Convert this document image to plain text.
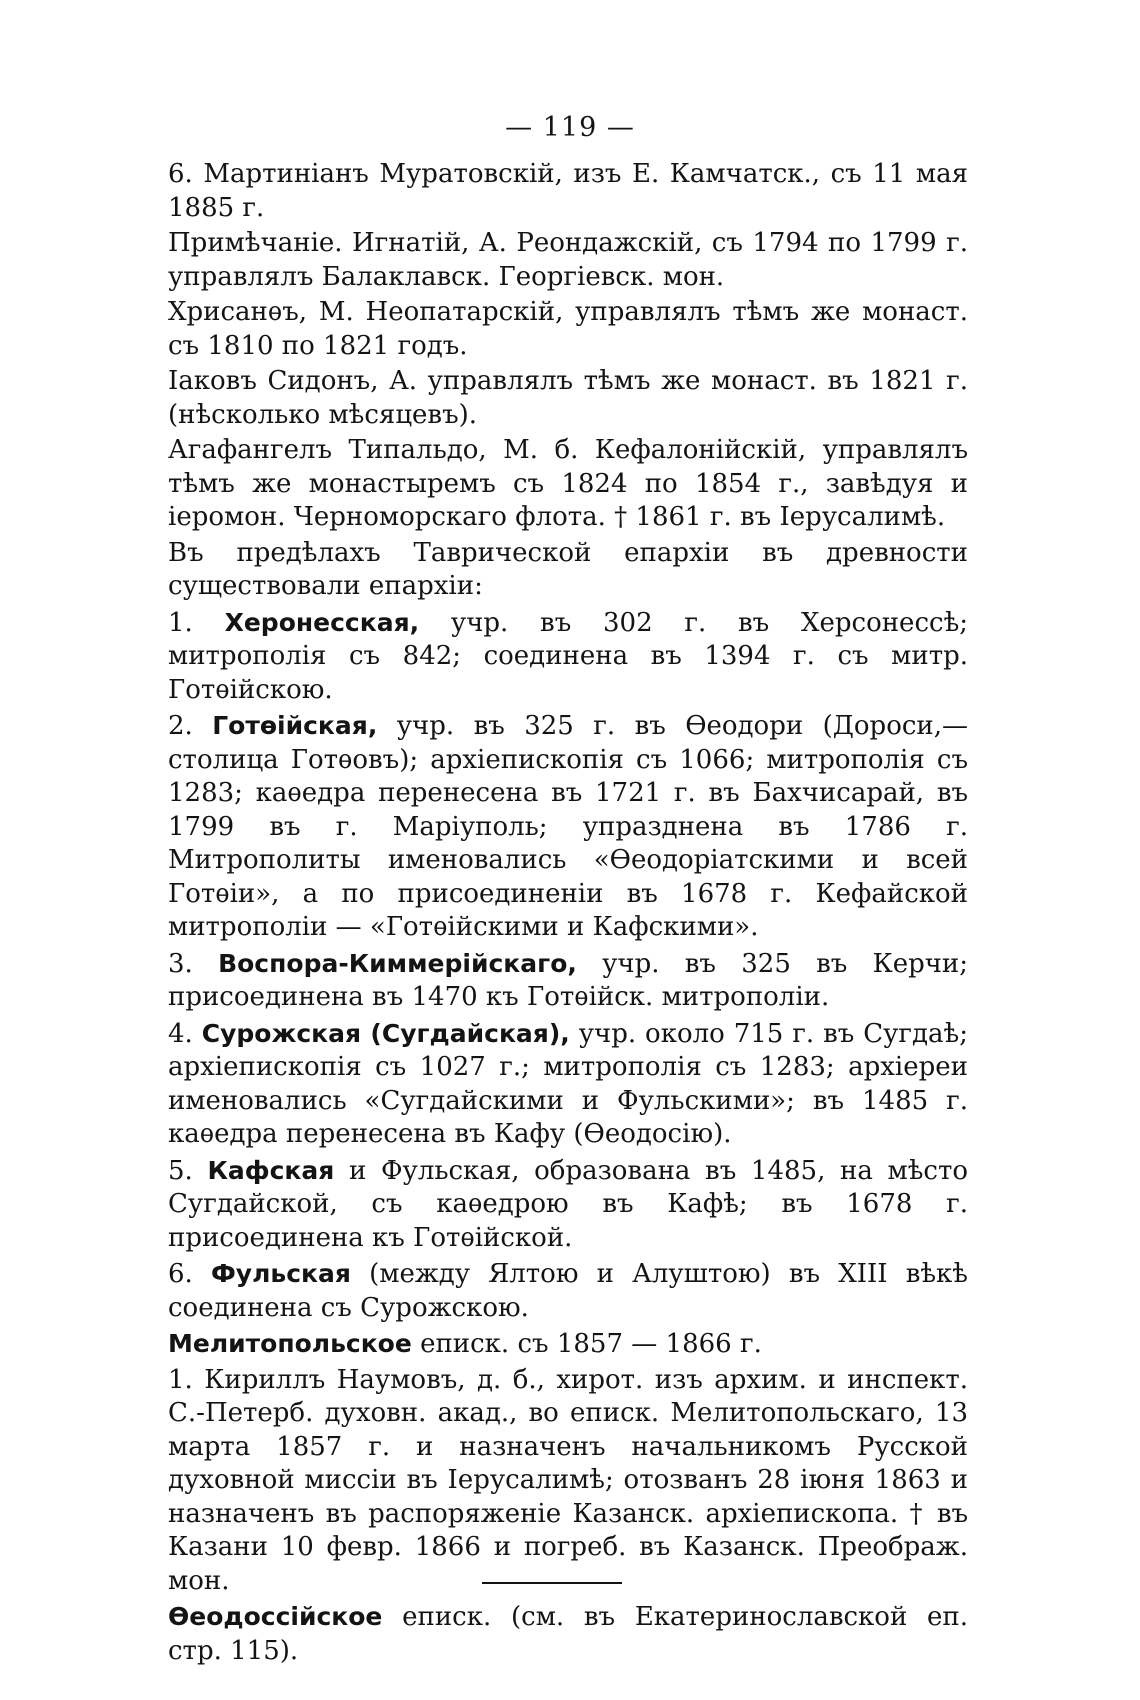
— 119 —

6. Мартиніанъ Муратовскій, изъ Е. Камчатск., съ 11 мая 1885 г.

Примѣчаніе. Игнатій, А. Реондажскій, съ 1794 по 1799 г. управлялъ Балаклавск. Георгіевск. мон.

Хрисанѳъ, М. Неопатарскій, управлялъ тѣмъ же монаст. съ 1810 по 1821 годъ.

Іаковъ Сидонъ, А. управлялъ тѣмъ же монаст. въ 1821 г. (нѣсколько мѣсяцевъ).

Агафангелъ Типальдо, М. б. Кефалонійскій, управлялъ тѣмъ же монастыремъ съ 1824 по 1854 г., завѣдуя и іеромон. Черноморскаго флота. † 1861 г. въ Іерусалимѣ.

Въ предѣлахъ Таврической епархіи въ древности существовали епархіи:

1. Херонесская, учр. въ 302 г. въ Херсонессѣ; митрополія съ 842; соединена въ 1394 г. съ митр. Готѳійскою.

2. Готѳійская, учр. въ 325 г. въ Ѳеодори (Дороси,— столица Готѳовъ); архіепископія съ 1066; митрополія съ 1283; каѳедра перенесена въ 1721 г. въ Бахчисарай, въ 1799 въ г. Маріуполь; упразднена въ 1786 г. Митрополиты именовались «Ѳеодоріатскими и всей Готѳіи», а по присоединеніи въ 1678 г. Кефайской митрополіи — «Готѳійскими и Кафскими».

3. Воспора-Киммерійскаго, учр. въ 325 въ Керчи; присоединена въ 1470 къ Готѳійск. митрополіи.

4. Сурожская (Сугдайская), учр. около 715 г. въ Сугдаѣ; архіепископія съ 1027 г.; митрополія съ 1283; архіереи именовались «Сугдайскими и Фульскими»; въ 1485 г. каѳедра перенесена въ Кафу (Ѳеодосію).

5. Кафская и Фульская, образована въ 1485, на мѣсто Сугдайской, съ каѳедрою въ Кафѣ; въ 1678 г. присоединена къ Готѳійской.

6. Фульская (между Ялтою и Алуштою) въ XIII вѣкѣ соединена съ Сурожскою.

Мелитопольское еписк. съ 1857 — 1866 г.

1. Кириллъ Наумовъ, д. б., хирот. изъ архим. и инспект. С.-Петерб. духовн. акад., во еписк. Мелитопольскаго, 13 марта 1857 г. и назначенъ начальникомъ Русской духовной миссіи въ Іерусалимѣ; отозванъ 28 іюня 1863 и назначенъ въ распоряженіе Казанск. архіепископа. † въ Казани 10 февр. 1866 и погреб. въ Казанск. Преображ. мон.

Ѳеодоссійское еписк. (см. въ Екатеринославской еп. стр. 115).
